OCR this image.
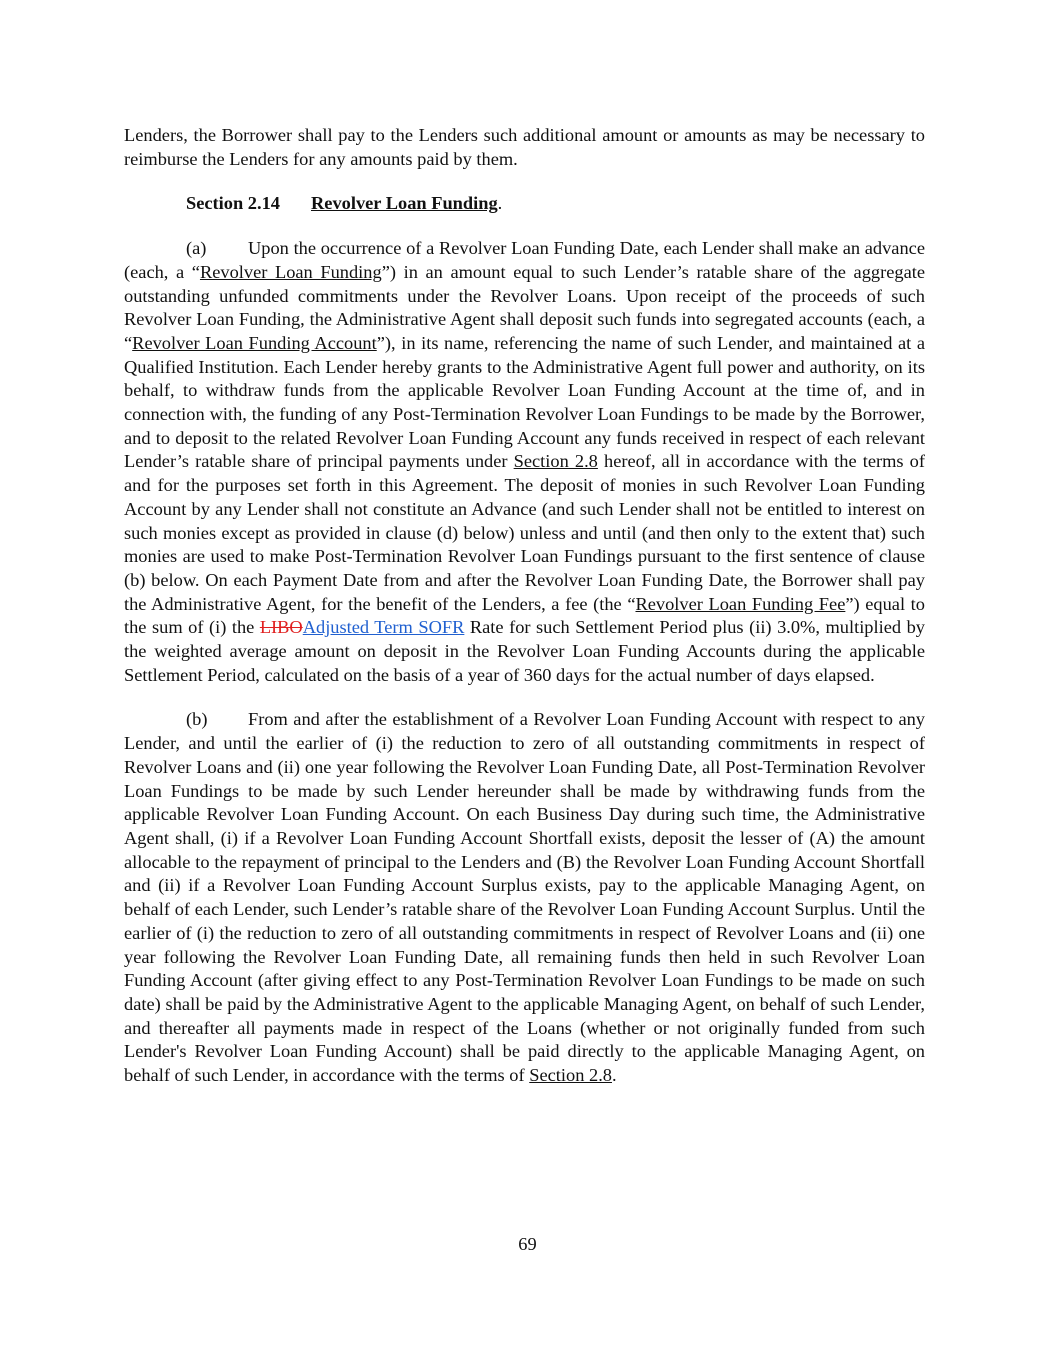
Lenders, the Borrower shall pay to the Lenders such additional amount or amounts as may be necessary to reimburse the Lenders for any amounts paid by them.

Section 2.14 Revolver Loan Funding.

(a) Upon the occurrence of a Revolver Loan Funding Date, each Lender shall make an advance (each, a “Revolver Loan Funding”) in an amount equal to such Lender’s ratable share of the aggregate outstanding unfunded commitments under the Revolver Loans. Upon receipt of the proceeds of such Revolver Loan Funding, the Administrative Agent shall deposit such funds into segregated accounts (each, a “Revolver Loan Funding Account”), in its name, referencing the name of such Lender, and maintained at a Qualified Institution. Each Lender hereby grants to the Administrative Agent full power and authority, on its behalf, to withdraw funds from the applicable Revolver Loan Funding Account at the time of, and in connection with, the funding of any Post-Termination Revolver Loan Fundings to be made by the Borrower, and to deposit to the related Revolver Loan Funding Account any funds received in respect of each relevant Lender’s ratable share of principal payments under Section 2.8 hereof, all in accordance with the terms of and for the purposes set forth in this Agreement. The deposit of monies in such Revolver Loan Funding Account by any Lender shall not constitute an Advance (and such Lender shall not be entitled to interest on such monies except as provided in clause (d) below) unless and until (and then only to the extent that) such monies are used to make Post-Termination Revolver Loan Fundings pursuant to the first sentence of clause (b) below. On each Payment Date from and after the Revolver Loan Funding Date, the Borrower shall pay the Administrative Agent, for the benefit of the Lenders, a fee (the “Revolver Loan Funding Fee”) equal to the sum of (i) the LIBOAdjusted Term SOFR Rate for such Settlement Period plus (ii) 3.0%, multiplied by the weighted average amount on deposit in the Revolver Loan Funding Accounts during the applicable Settlement Period, calculated on the basis of a year of 360 days for the actual number of days elapsed.

(b) From and after the establishment of a Revolver Loan Funding Account with respect to any Lender, and until the earlier of (i) the reduction to zero of all outstanding commitments in respect of Revolver Loans and (ii) one year following the Revolver Loan Funding Date, all Post-Termination Revolver Loan Fundings to be made by such Lender hereunder shall be made by withdrawing funds from the applicable Revolver Loan Funding Account. On each Business Day during such time, the Administrative Agent shall, (i) if a Revolver Loan Funding Account Shortfall exists, deposit the lesser of (A) the amount allocable to the repayment of principal to the Lenders and (B) the Revolver Loan Funding Account Shortfall and (ii) if a Revolver Loan Funding Account Surplus exists, pay to the applicable Managing Agent, on behalf of each Lender, such Lender’s ratable share of the Revolver Loan Funding Account Surplus. Until the earlier of (i) the reduction to zero of all outstanding commitments in respect of Revolver Loans and (ii) one year following the Revolver Loan Funding Date, all remaining funds then held in such Revolver Loan Funding Account (after giving effect to any Post-Termination Revolver Loan Fundings to be made on such date) shall be paid by the Administrative Agent to the applicable Managing Agent, on behalf of such Lender, and thereafter all payments made in respect of the Loans (whether or not originally funded from such Lender's Revolver Loan Funding Account) shall be paid directly to the applicable Managing Agent, on behalf of such Lender, in accordance with the terms of Section 2.8.

69
